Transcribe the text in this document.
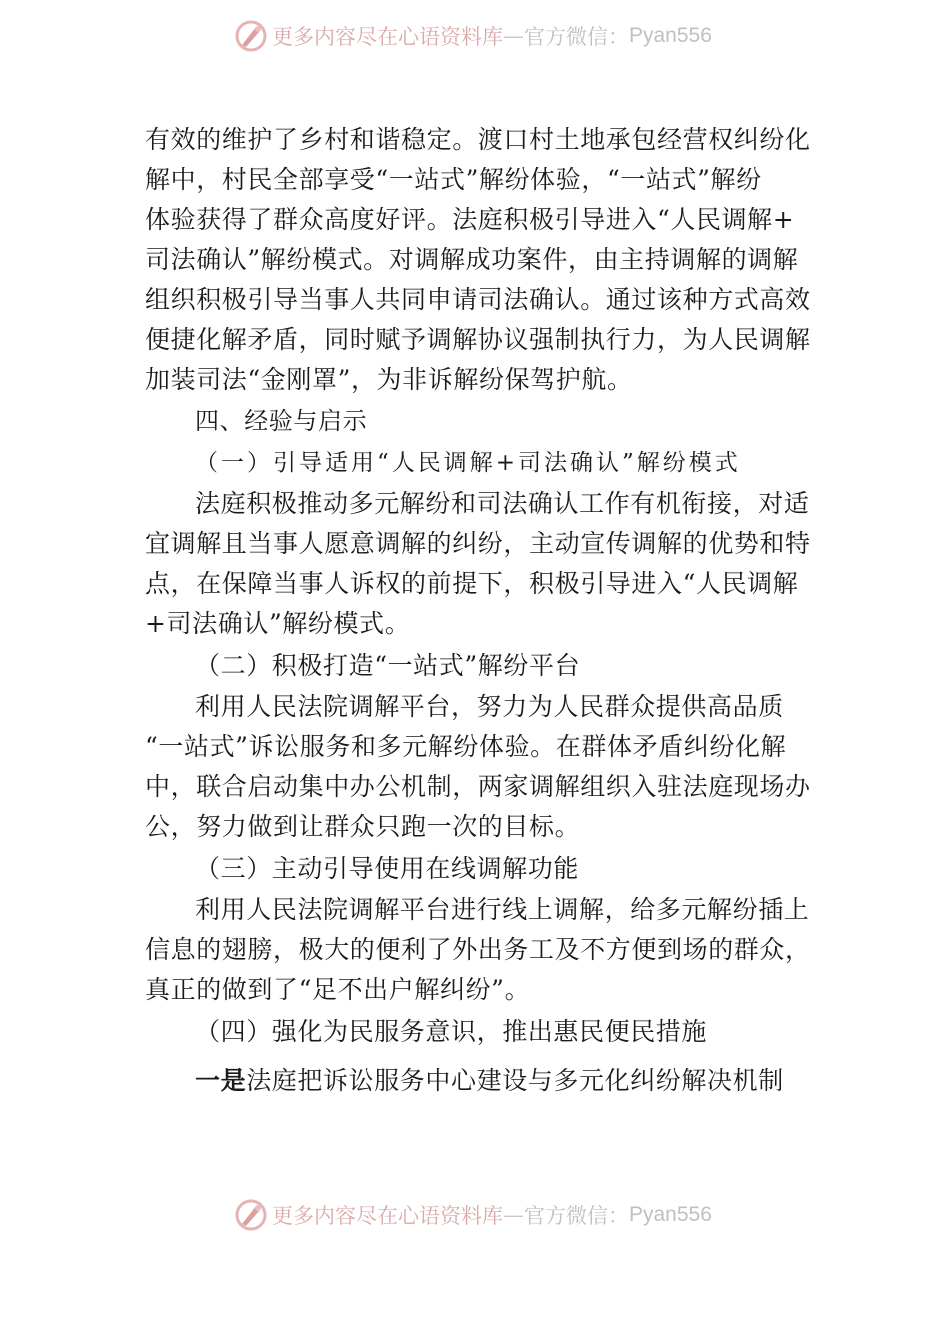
更多内容尽在心语资料库 — 官方微信： Pyan556
有效的维护了乡村和谐稳定。渡口村土地承包经营权纠纷化
解中，村民全部享受“一站式”解纷体验，“一站式”解纷
体验获得了群众高度好评。法庭积极引导进入“人民调解+
司法确认”解纷模式。对调解成功案件，由主持调解的调解
组织积极引导当事人共同申请司法确认。通过该种方式高效
便捷化解矛盾，同时赋予调解协议强制执行力，为人民调解
加装司法“金刚罩”，为非诉解纷保驾护航。
四、经验与启示
（一）引导适用“人民调解+司法确认”解纷模式
法庭积极推动多元解纷和司法确认工作有机衔接，对适
宜调解且当事人愿意调解的纠纷，主动宣传调解的优势和特
点，在保障当事人诉权的前提下，积极引导进入“人民调解
+司法确认”解纷模式。
（二）积极打造“一站式”解纷平台
利用人民法院调解平台，努力为人民群众提供高品质
“一站式”诉讼服务和多元解纷体验。在群体矛盾纠纷化解
中，联合启动集中办公机制，两家调解组织入驻法庭现场办
公，努力做到让群众只跑一次的目标。
（三）主动引导使用在线调解功能
利用人民法院调解平台进行线上调解，给多元解纷插上
信息的翅膀，极大的便利了外出务工及不方便到场的群众，
真正的做到了“足不出户解纠纷”。
（四）强化为民服务意识，推出惠民便民措施
一是法庭把诉讼服务中心建设与多元化纠纷解决机制
更多内容尽在心语资料库 — 官方微信： Pyan556
